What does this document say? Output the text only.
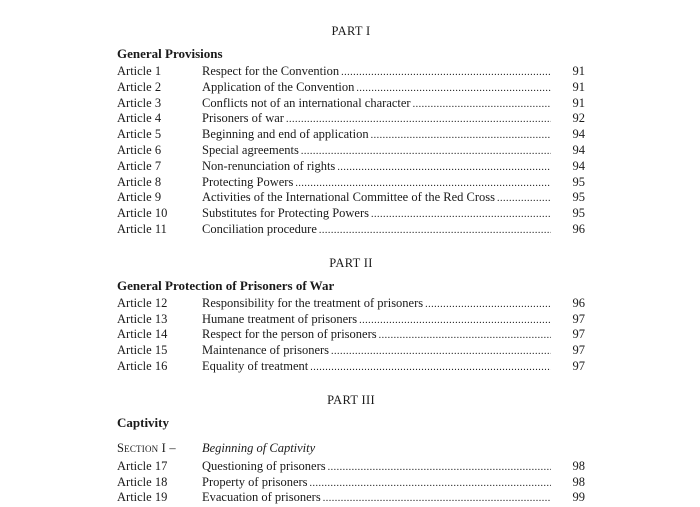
PART I
General Provisions
Article 1	Respect for the Convention .....	91
Article 2	Application of the Convention .....	91
Article 3	Conflicts not of an international character .....	91
Article 4	Prisoners of war .....	92
Article 5	Beginning and end of application .....	94
Article 6	Special agreements .....	94
Article 7	Non-renunciation of rights .....	94
Article 8	Protecting Powers .....	95
Article 9	Activities of the International Committee of the Red Cross .....	95
Article 10	Substitutes for Protecting Powers .....	95
Article 11	Conciliation procedure .....	96
PART II
General Protection of Prisoners of War
Article 12	Responsibility for the treatment of prisoners .....	96
Article 13	Humane treatment of prisoners .....	97
Article 14	Respect for the person of prisoners .....	97
Article 15	Maintenance of prisoners .....	97
Article 16	Equality of treatment .....	97
PART III
Captivity
Section I –	Beginning of Captivity
Article 17	Questioning of prisoners .....	98
Article 18	Property of prisoners .....	98
Article 19	Evacuation of prisoners .....	99
